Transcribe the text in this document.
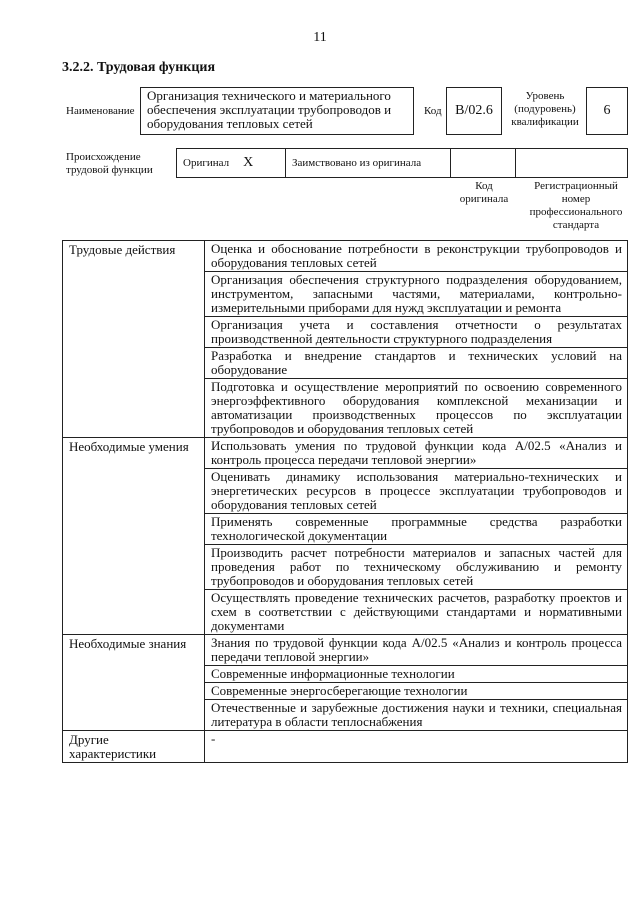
11
3.2.2. Трудовая функция
Наименование
Организация технического и материального обеспечения эксплуатации трубопроводов и оборудования тепловых сетей
Код B/02.6
Уровень (подуровень) квалификации
6
Происхождение трудовой функции
Оригинал X	Заимствовано из оригинала
Код оригинала
Регистрационный номер профессионального стандарта
Трудовые действия	Оценка и обоснование потребности в реконструкции трубопроводов и оборудования тепловых сетей
	Организация обеспечения структурного подразделения оборудованием, инструментом, запасными частями, материалами, контрольно-измерительными приборами для нужд эксплуатации и ремонта
	Организация учета и составления отчетности о результатах производственной деятельности структурного подразделения
	Разработка и внедрение стандартов и технических условий на оборудование
	Подготовка и осуществление мероприятий по освоению современного энергоэффективного оборудования комплексной механизации и автоматизации производственных процессов по эксплуатации трубопроводов и оборудования тепловых сетей
Необходимые умения	Использовать умения по трудовой функции кода А/02.5 «Анализ и контроль процесса передачи тепловой энергии»
	Оценивать динамику использования материально-технических и энергетических ресурсов в процессе эксплуатации трубопроводов и оборудования тепловых сетей
	Применять современные программные средства разработки технологической документации
	Производить расчет потребности материалов и запасных частей для проведения работ по техническому обслуживанию и ремонту трубопроводов и оборудования тепловых сетей
	Осуществлять проведение технических расчетов, разработку проектов и схем в соответствии с действующими стандартами и нормативными документами
Необходимые знания	Знания по трудовой функции кода А/02.5 «Анализ и контроль процесса передачи тепловой энергии»
	Современные информационные технологии
	Современные энергосберегающие технологии
	Отечественные и зарубежные достижения науки и техники, специальная литература в области теплоснабжения
Другие характеристики	-
